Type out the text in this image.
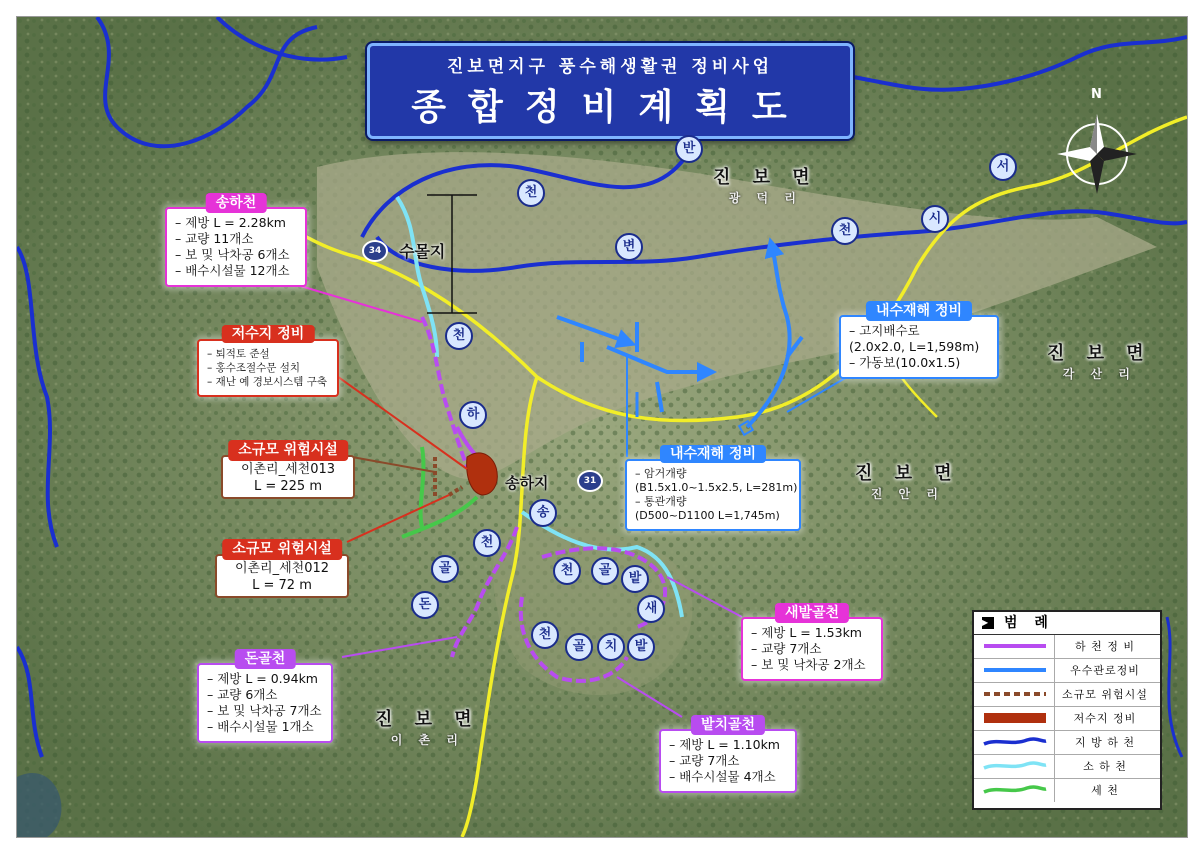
N
진보면지구 풍수해생활권 정비사업
종합정비계획도
반
천
변
서
시
천
천
하
송
천
골
돈
천	골
밭
새
천
골	치	밭
수몰지
송하지
34
31
진 보 면
광 덕 리
진 보 면
각 산 리
진 보 면
진 안 리
진 보 면
이 촌 리
송하천
– 제방 L = 2.28km
– 교량 11개소
– 보 및 낙차공 6개소
– 배수시설물 12개소
저수지 정비
– 퇴적토 준설
– 홍수조절수문 설치
– 재난 예 경보시스템 구축
소규모 위험시설
이촌리_세천013
L = 225 m
소규모 위험시설
이촌리_세천012
L = 72 m
내수재해 정비
– 고지배수로
(2.0x2.0, L=1,598m)
– 가동보(10.0x1.5)
내수재해 정비
– 암거개량
(B1.5x1.0~1.5x2.5, L=281m)
– 통관개량
(D500~D1100 L=1,745m)
새밭골천
– 제방 L = 1.53km
– 교량 7개소
– 보 및 낙차공 2개소
돈골천
– 제방 L = 0.94km
– 교량 6개소
– 보 및 낙차공 7개소
– 배수시설물 1개소	밭치골천
– 제방 L = 1.10km
– 교량 7개소
– 배수시설물 4개소
▶ 범 례
하 천 정 비
우수관로정비
소규모 위험시설
저수지 정비
지 방 하 천
소 하 천
세 천
